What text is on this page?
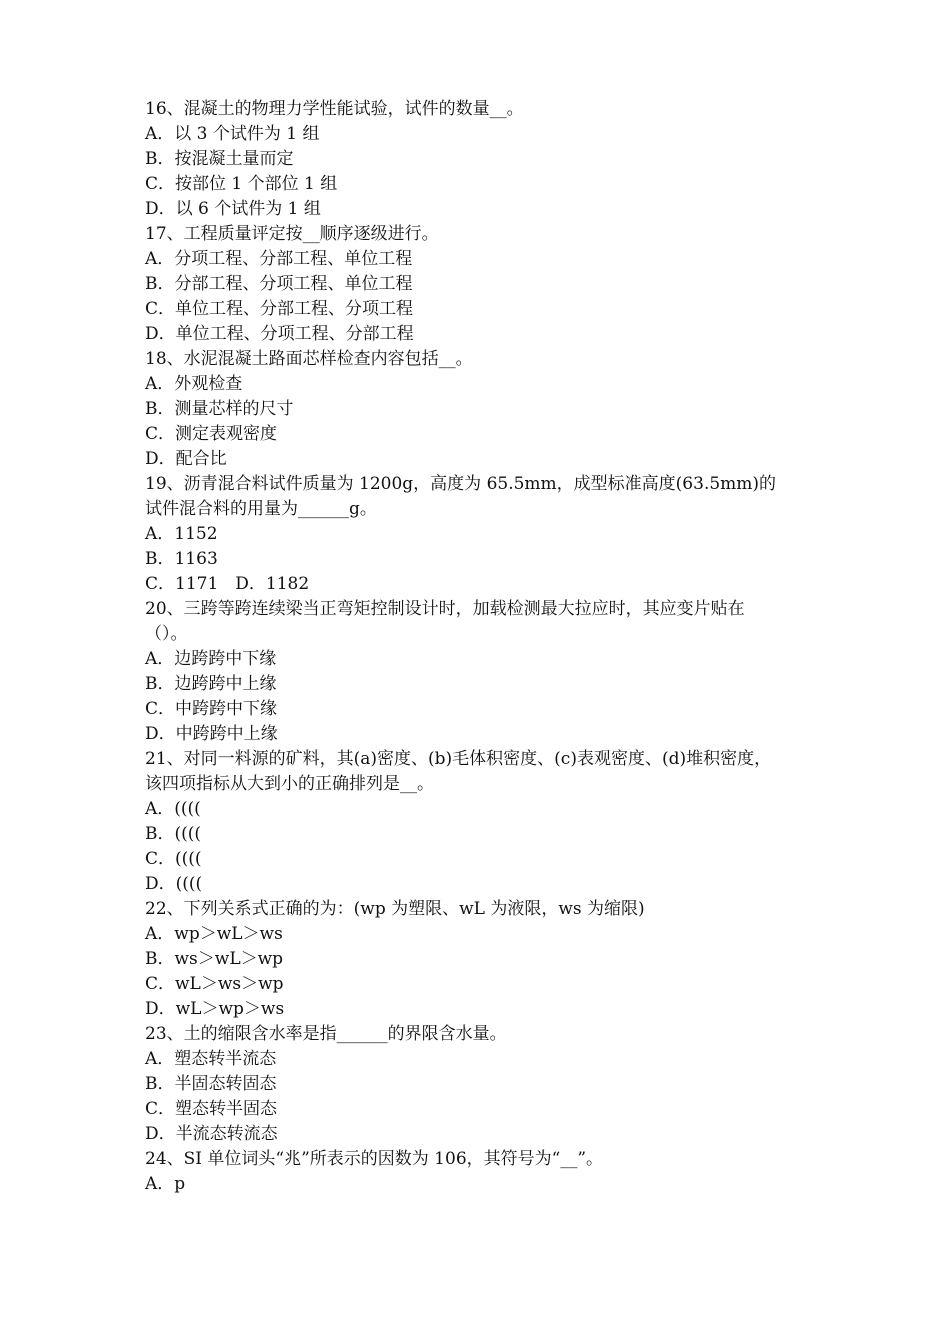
16、混凝土的物理力学性能试验，试件的数量__。
A．以 3 个试件为 1 组
B．按混凝土量而定
C．按部位 1 个部位 1 组
D．以 6 个试件为 1 组
17、工程质量评定按__顺序逐级进行。
A．分项工程、分部工程、单位工程
B．分部工程、分项工程、单位工程
C．单位工程、分部工程、分项工程
D．单位工程、分项工程、分部工程
18、水泥混凝土路面芯样检查内容包括__。
A．外观检查
B．测量芯样的尺寸
C．测定表观密度
D．配合比
19、沥青混合料试件质量为 1200g，高度为 65.5mm，成型标准高度(63.5mm)的
试件混合料的用量为______g。
A．1152
B．1163
C．1171　D．1182
20、三跨等跨连续梁当正弯矩控制设计时，加载检测最大拉应时，其应变片贴在
（）。
A．边跨跨中下缘
B．边跨跨中上缘
C．中跨跨中下缘
D．中跨跨中上缘
21、对同一料源的矿料，其(a)密度、(b)毛体积密度、(c)表观密度、(d)堆积密度，
该四项指标从大到小的正确排列是__。
A．((((
B．((((
C．((((
D．((((
22、下列关系式正确的为：(wp 为塑限、wL 为液限，ws 为缩限)
A．wp＞wL＞ws
B．ws＞wL＞wp
C．wL＞ws＞wp
D．wL＞wp＞ws
23、土的缩限含水率是指______的界限含水量。
A．塑态转半流态
B．半固态转固态
C．塑态转半固态
D．半流态转流态
24、SI 单位词头“兆”所表示的因数为 106，其符号为“__”。
A．p
